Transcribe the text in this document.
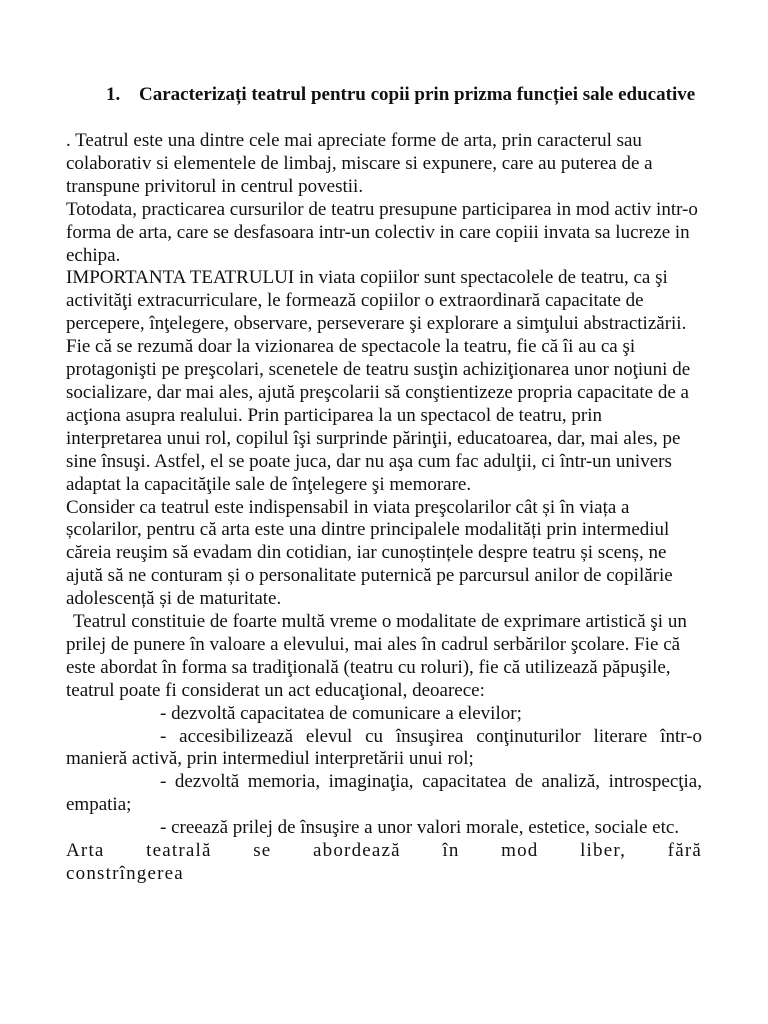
1. Caracterizați teatrul pentru copii prin prizma funcției sale educative

. Teatrul este una dintre cele mai apreciate forme de arta, prin caracterul sau colaborativ si elementele de limbaj, miscare si expunere, care au puterea de a transpune privitorul in centrul povestii.

Totodata, practicarea cursurilor de teatru presupune participarea in mod activ intr-o forma de arta, care se desfasoara intr-un colectiv in care copiii invata sa lucreze in echipa.

IMPORTANTA TEATRULUI in viata copiilor sunt spectacolele de teatru, ca şi activităţi extracurriculare, le formează copiilor o extraordinară capacitate de percepere, înţelegere, observare, perseverare şi explorare a simţului abstractizării. Fie că se rezumă doar la vizionarea de spectacole la teatru, fie că îi au ca şi protagonişti pe preşcolari, scenetele de teatru susţin achiziţionarea unor noţiuni de socializare, dar mai ales, ajută preşcolarii să conştientizeze propria capacitate de a acţiona asupra realului. Prin participarea la un spectacol de teatru, prin interpretarea unui rol, copilul îşi surprinde părinţii, educatoarea, dar, mai ales, pe sine însuşi. Astfel, el se poate juca, dar nu aşa cum fac adulţii, ci într-un univers adaptat la capacităţile sale de înţelegere şi memorare.

Consider ca teatrul este indispensabil in viata preşcolarilor cât și în viața a școlarilor, pentru că arta este una dintre principalele modalități prin intermediul căreia reuşim să evadam din cotidian, iar cunoștințele despre teatru și scenș, ne ajută să ne conturam și o personalitate puternică pe parcursul anilor de copilărie adolescență și de maturitate.

Teatrul constituie de foarte multă vreme o modalitate de exprimare artistică şi un prilej de punere în valoare a elevului, mai ales în cadrul serbărilor şcolare. Fie că este abordat în forma sa tradiţională (teatru cu roluri), fie că utilizează păpuşile, teatrul poate fi considerat un act educaţional, deoarece:

- dezvoltă capacitatea de comunicare a elevilor;

- accesibilizează elevul cu însuşirea conţinuturilor literare într-o manieră activă, prin intermediul interpretării unui rol;

- dezvoltă memoria, imaginaţia, capacitatea de analiză, introspecţia, empatia;

- creează prilej de însuşire a unor valori morale, estetice, sociale etc.

Arta teatrală se abordează în mod liber, fără constrîngerea
